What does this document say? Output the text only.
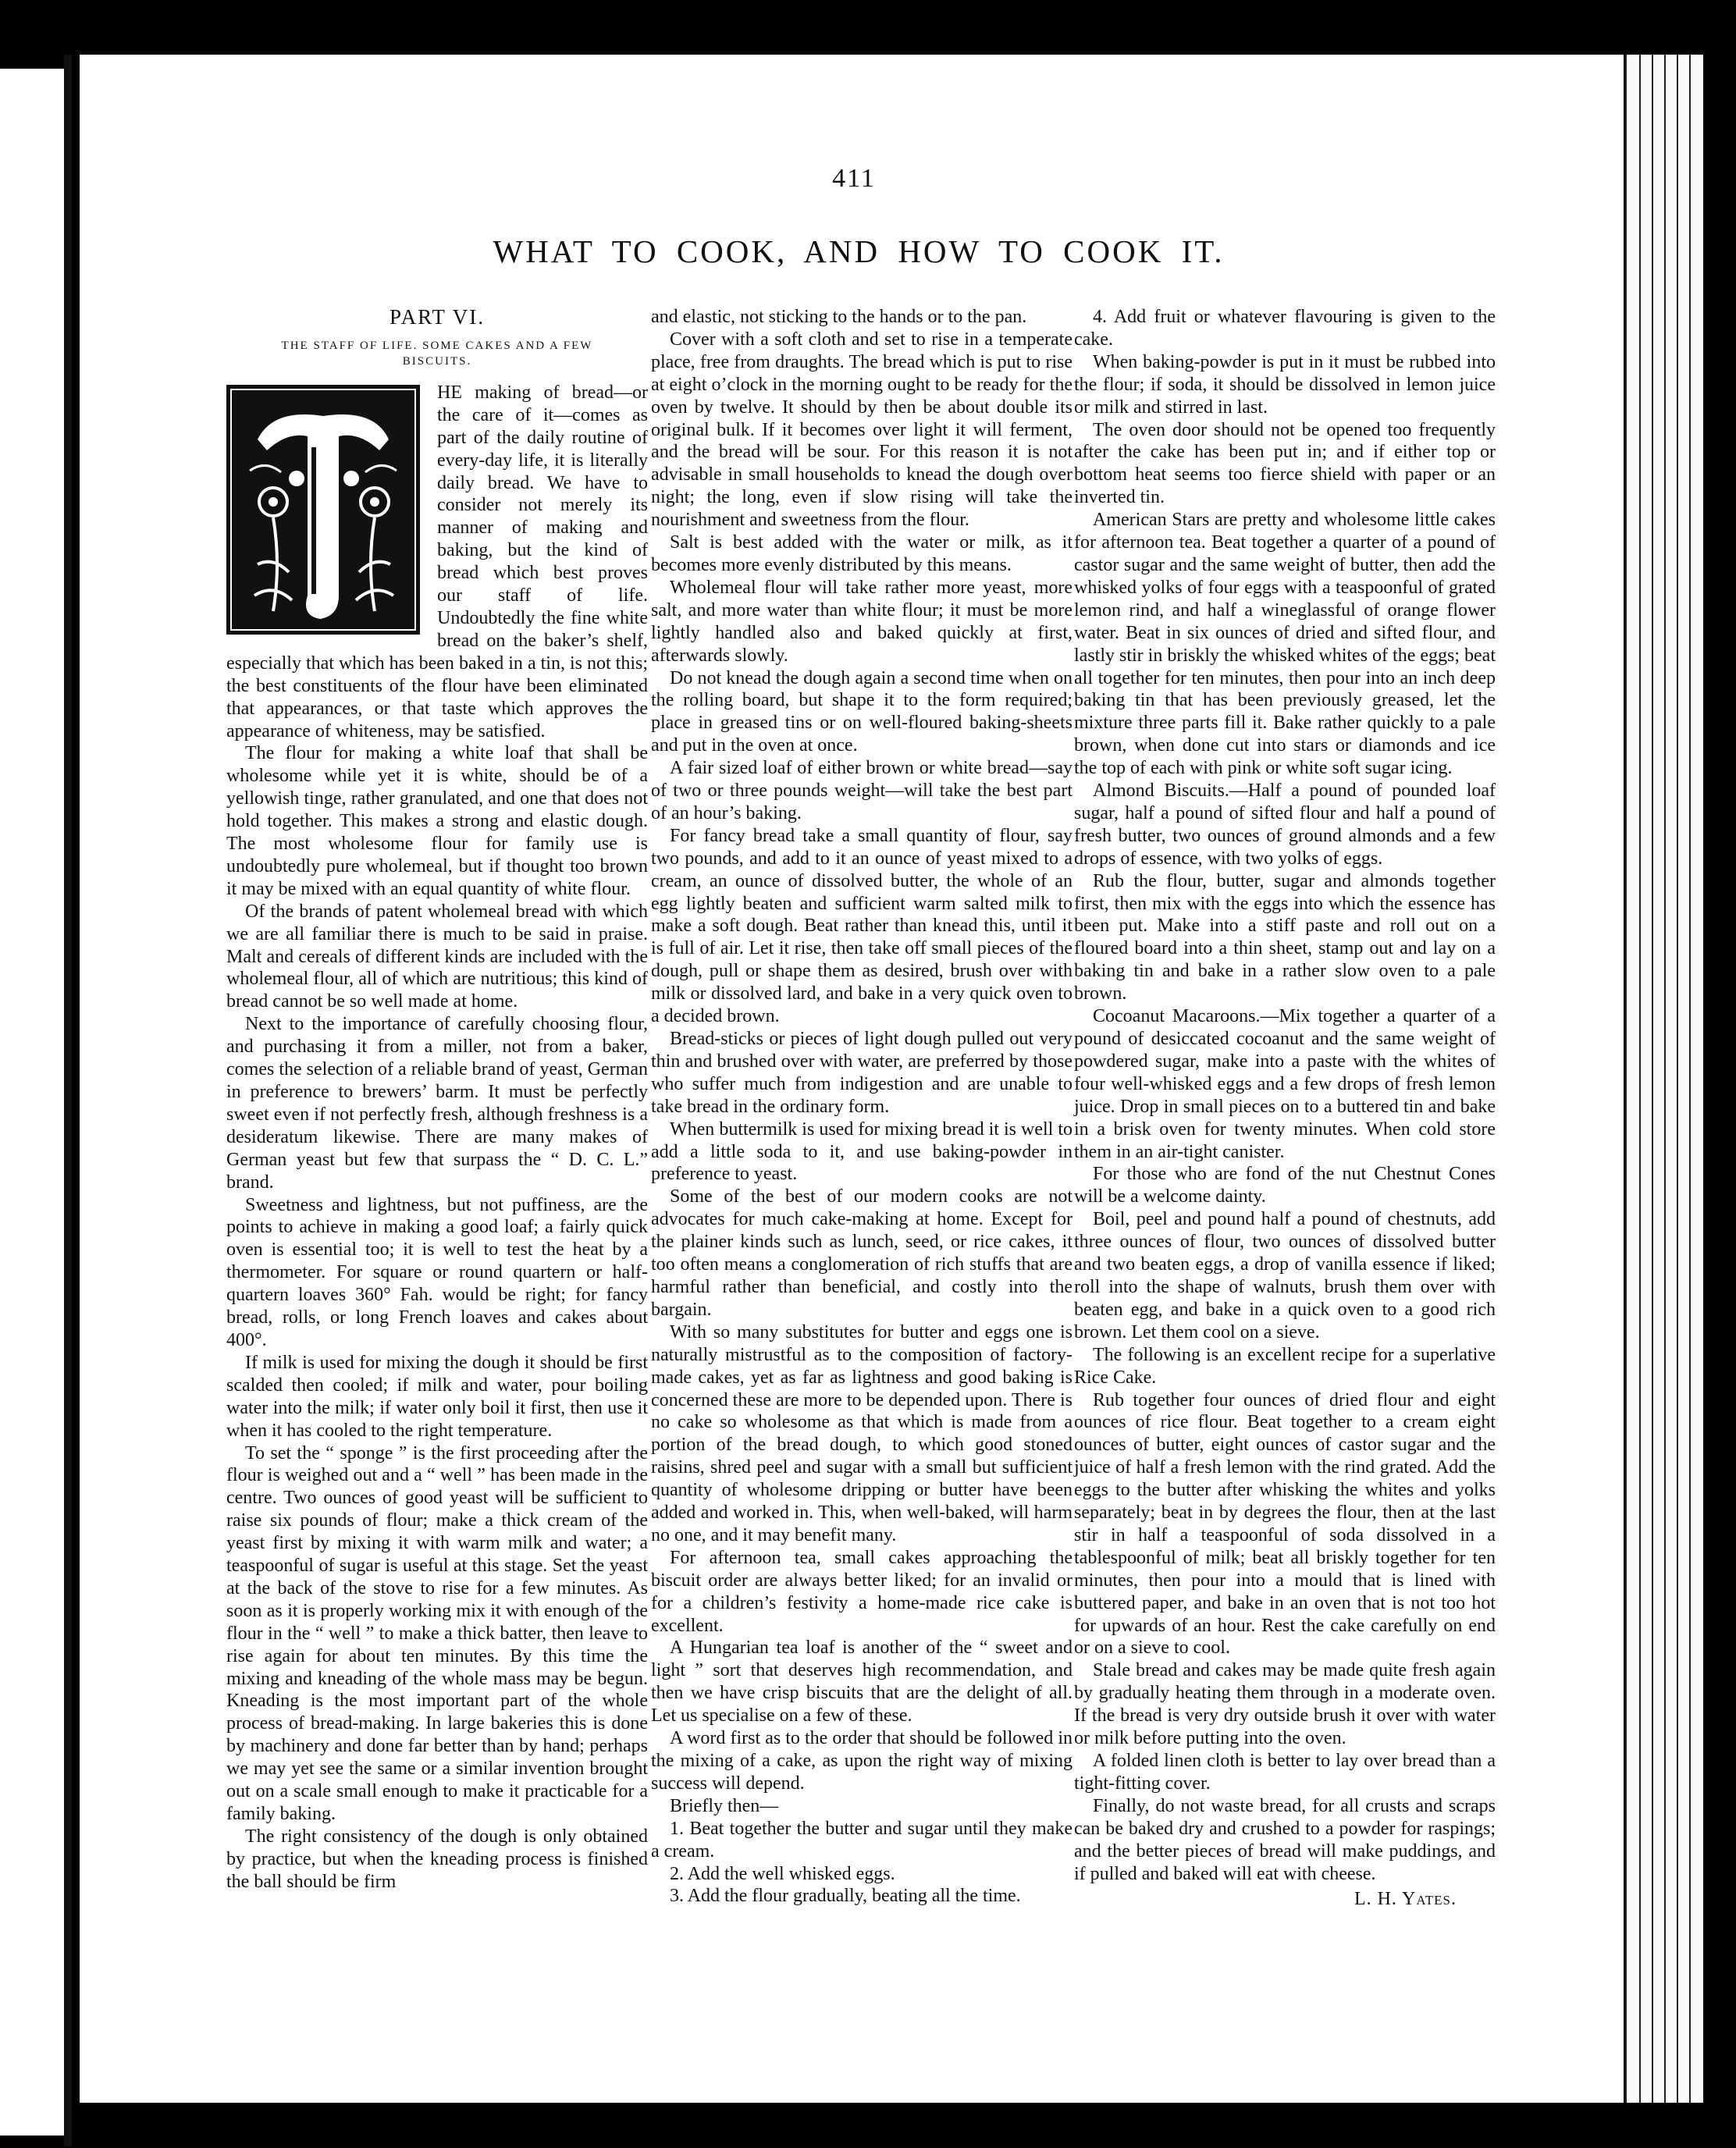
411
WHAT TO COOK, AND HOW TO COOK IT.
PART VI.
THE STAFF OF LIFE. SOME CAKES AND A FEW BISCUITS.

HE making of bread—or the care of it—comes as part of the daily routine of every-day life, it is literally daily bread. We have to consider not merely its manner of making and baking, but the kind of bread which best proves our staff of life. Undoubtedly the fine white bread on the baker’s shelf, especially that which has been baked in a tin, is not this; the best constituents of the flour have been eliminated that appearances, or that taste which approves the appearance of whiteness, may be satisfied.

The flour for making a white loaf that shall be wholesome while yet it is white, should be of a yellowish tinge, rather granulated, and one that does not hold together. This makes a strong and elastic dough. The most wholesome flour for family use is undoubtedly pure wholemeal, but if thought too brown it may be mixed with an equal quantity of white flour.

Of the brands of patent wholemeal bread with which we are all familiar there is much to be said in praise. Malt and cereals of different kinds are included with the wholemeal flour, all of which are nutritious; this kind of bread cannot be so well made at home.

Next to the importance of carefully choosing flour, and purchasing it from a miller, not from a baker, comes the selection of a reliable brand of yeast, German in preference to brewers’ barm. It must be perfectly sweet even if not perfectly fresh, although freshness is a desideratum likewise. There are many makes of German yeast but few that surpass the “ D. C. L.” brand.

Sweetness and lightness, but not puffiness, are the points to achieve in making a good loaf; a fairly quick oven is essential too; it is well to test the heat by a thermometer. For square or round quartern or half-quartern loaves 360° Fah. would be right; for fancy bread, rolls, or long French loaves and cakes about 400°.

If milk is used for mixing the dough it should be first scalded then cooled; if milk and water, pour boiling water into the milk; if water only boil it first, then use it when it has cooled to the right temperature.

To set the “ sponge ” is the first proceeding after the flour is weighed out and a “ well ” has been made in the centre. Two ounces of good yeast will be sufficient to raise six pounds of flour; make a thick cream of the yeast first by mixing it with warm milk and water; a teaspoonful of sugar is useful at this stage. Set the yeast at the back of the stove to rise for a few minutes. As soon as it is properly working mix it with enough of the flour in the “ well ” to make a thick batter, then leave to rise again for about ten minutes. By this time the mixing and kneading of the whole mass may be begun. Kneading is the most important part of the whole process of bread-making. In large bakeries this is done by machinery and done far better than by hand; perhaps we may yet see the same or a similar invention brought out on a scale small enough to make it practicable for a family baking.

The right consistency of the dough is only obtained by practice, but when the kneading process is finished the ball should be firm

and elastic, not sticking to the hands or to the pan.

Cover with a soft cloth and set to rise in a temperate place, free from draughts. The bread which is put to rise at eight o’clock in the morning ought to be ready for the oven by twelve. It should by then be about double its original bulk. If it becomes over light it will ferment, and the bread will be sour. For this reason it is not advisable in small households to knead the dough over night; the long, even if slow rising will take the nourishment and sweetness from the flour.

Salt is best added with the water or milk, as it becomes more evenly distributed by this means.

Wholemeal flour will take rather more yeast, more salt, and more water than white flour; it must be more lightly handled also and baked quickly at first, afterwards slowly.

Do not knead the dough again a second time when on the rolling board, but shape it to the form required; place in greased tins or on well-floured baking-sheets and put in the oven at once.

A fair sized loaf of either brown or white bread—say of two or three pounds weight—will take the best part of an hour’s baking.

For fancy bread take a small quantity of flour, say two pounds, and add to it an ounce of yeast mixed to a cream, an ounce of dissolved butter, the whole of an egg lightly beaten and sufficient warm salted milk to make a soft dough. Beat rather than knead this, until it is full of air. Let it rise, then take off small pieces of the dough, pull or shape them as desired, brush over with milk or dissolved lard, and bake in a very quick oven to a decided brown.

Bread-sticks or pieces of light dough pulled out very thin and brushed over with water, are preferred by those who suffer much from indigestion and are unable to take bread in the ordinary form.

When buttermilk is used for mixing bread it is well to add a little soda to it, and use baking-powder in preference to yeast.

Some of the best of our modern cooks are not advocates for much cake-making at home. Except for the plainer kinds such as lunch, seed, or rice cakes, it too often means a conglomeration of rich stuffs that are harmful rather than beneficial, and costly into the bargain.

With so many substitutes for butter and eggs one is naturally mistrustful as to the composition of factory-made cakes, yet as far as lightness and good baking is concerned these are more to be depended upon. There is no cake so wholesome as that which is made from a portion of the bread dough, to which good stoned raisins, shred peel and sugar with a small but sufficient quantity of wholesome dripping or butter have been added and worked in. This, when well-baked, will harm no one, and it may benefit many.

For afternoon tea, small cakes approaching the biscuit order are always better liked; for an invalid or for a children’s festivity a home-made rice cake is excellent.

A Hungarian tea loaf is another of the “ sweet and light ” sort that deserves high recommendation, and then we have crisp biscuits that are the delight of all. Let us specialise on a few of these.

A word first as to the order that should be followed in the mixing of a cake, as upon the right way of mixing success will depend.

Briefly then—

1. Beat together the butter and sugar until they make a cream.

2. Add the well whisked eggs.

3. Add the flour gradually, beating all the time.

4. Add fruit or whatever flavouring is given to the cake.

When baking-powder is put in it must be rubbed into the flour; if soda, it should be dissolved in lemon juice or milk and stirred in last.

The oven door should not be opened too frequently after the cake has been put in; and if either top or bottom heat seems too fierce shield with paper or an inverted tin.

American Stars are pretty and wholesome little cakes for afternoon tea. Beat together a quarter of a pound of castor sugar and the same weight of butter, then add the whisked yolks of four eggs with a teaspoonful of grated lemon rind, and half a wineglassful of orange flower water. Beat in six ounces of dried and sifted flour, and lastly stir in briskly the whisked whites of the eggs; beat all together for ten minutes, then pour into an inch deep baking tin that has been previously greased, let the mixture three parts fill it. Bake rather quickly to a pale brown, when done cut into stars or diamonds and ice the top of each with pink or white soft sugar icing.

Almond Biscuits.—Half a pound of pounded loaf sugar, half a pound of sifted flour and half a pound of fresh butter, two ounces of ground almonds and a few drops of essence, with two yolks of eggs.

Rub the flour, butter, sugar and almonds together first, then mix with the eggs into which the essence has been put. Make into a stiff paste and roll out on a floured board into a thin sheet, stamp out and lay on a baking tin and bake in a rather slow oven to a pale brown.

Cocoanut Macaroons.—Mix together a quarter of a pound of desiccated cocoanut and the same weight of powdered sugar, make into a paste with the whites of four well-whisked eggs and a few drops of fresh lemon juice. Drop in small pieces on to a buttered tin and bake in a brisk oven for twenty minutes. When cold store them in an air-tight canister.

For those who are fond of the nut Chestnut Cones will be a welcome dainty.

Boil, peel and pound half a pound of chestnuts, add three ounces of flour, two ounces of dissolved butter and two beaten eggs, a drop of vanilla essence if liked; roll into the shape of walnuts, brush them over with beaten egg, and bake in a quick oven to a good rich brown. Let them cool on a sieve.

The following is an excellent recipe for a superlative Rice Cake.

Rub together four ounces of dried flour and eight ounces of rice flour. Beat together to a cream eight ounces of butter, eight ounces of castor sugar and the juice of half a fresh lemon with the rind grated. Add the eggs to the butter after whisking the whites and yolks separately; beat in by degrees the flour, then at the last stir in half a teaspoonful of soda dissolved in a tablespoonful of milk; beat all briskly together for ten minutes, then pour into a mould that is lined with buttered paper, and bake in an oven that is not too hot for upwards of an hour. Rest the cake carefully on end or on a sieve to cool.

Stale bread and cakes may be made quite fresh again by gradually heating them through in a moderate oven. If the bread is very dry outside brush it over with water or milk before putting into the oven.

A folded linen cloth is better to lay over bread than a tight-fitting cover.

Finally, do not waste bread, for all crusts and scraps can be baked dry and crushed to a powder for raspings; and the better pieces of bread will make puddings, and if pulled and baked will eat with cheese.

L. H. Yates.
